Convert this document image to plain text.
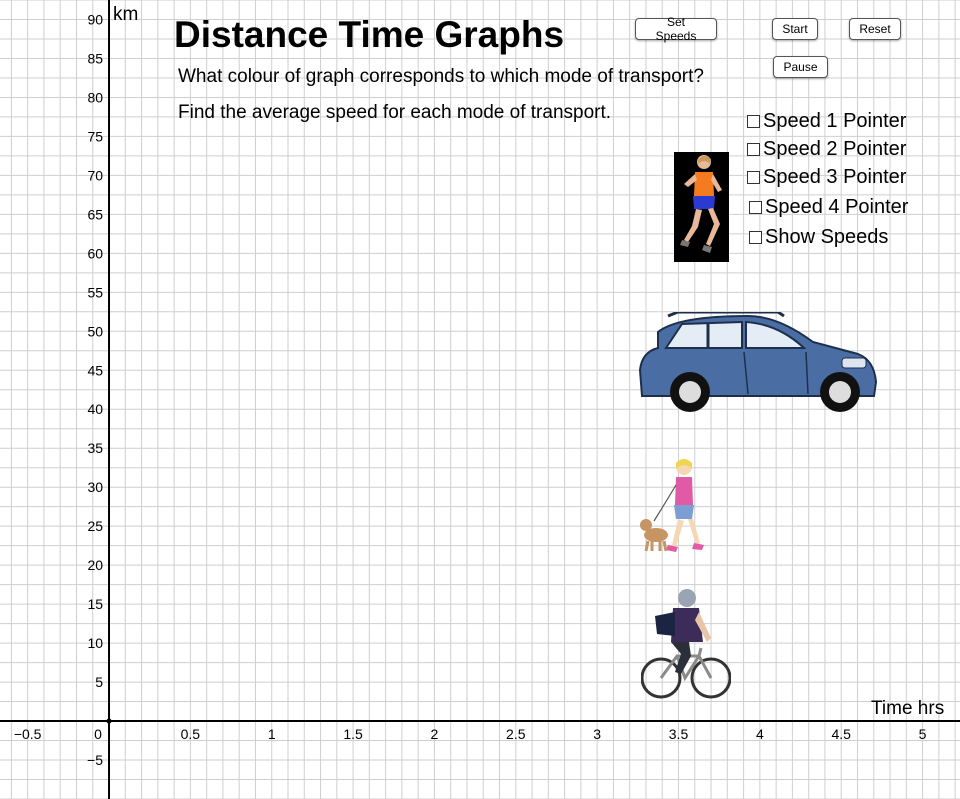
−0.5	0	0.5	1	1.5	2	2.5	3	3.5	4	4.5	5
−5
5
10
15
20
25
30
35
40
45
50
55
60
65
70
75
80
85
90 km
Time hrs
Distance Time Graphs
What colour of graph corresponds to which mode of transport?
Find the average speed for each mode of transport.
Set Speeds	Start	Reset
Pause
Speed 1 Pointer
Speed 2 Pointer
Speed 3 Pointer
Speed 4 Pointer
Show Speeds
